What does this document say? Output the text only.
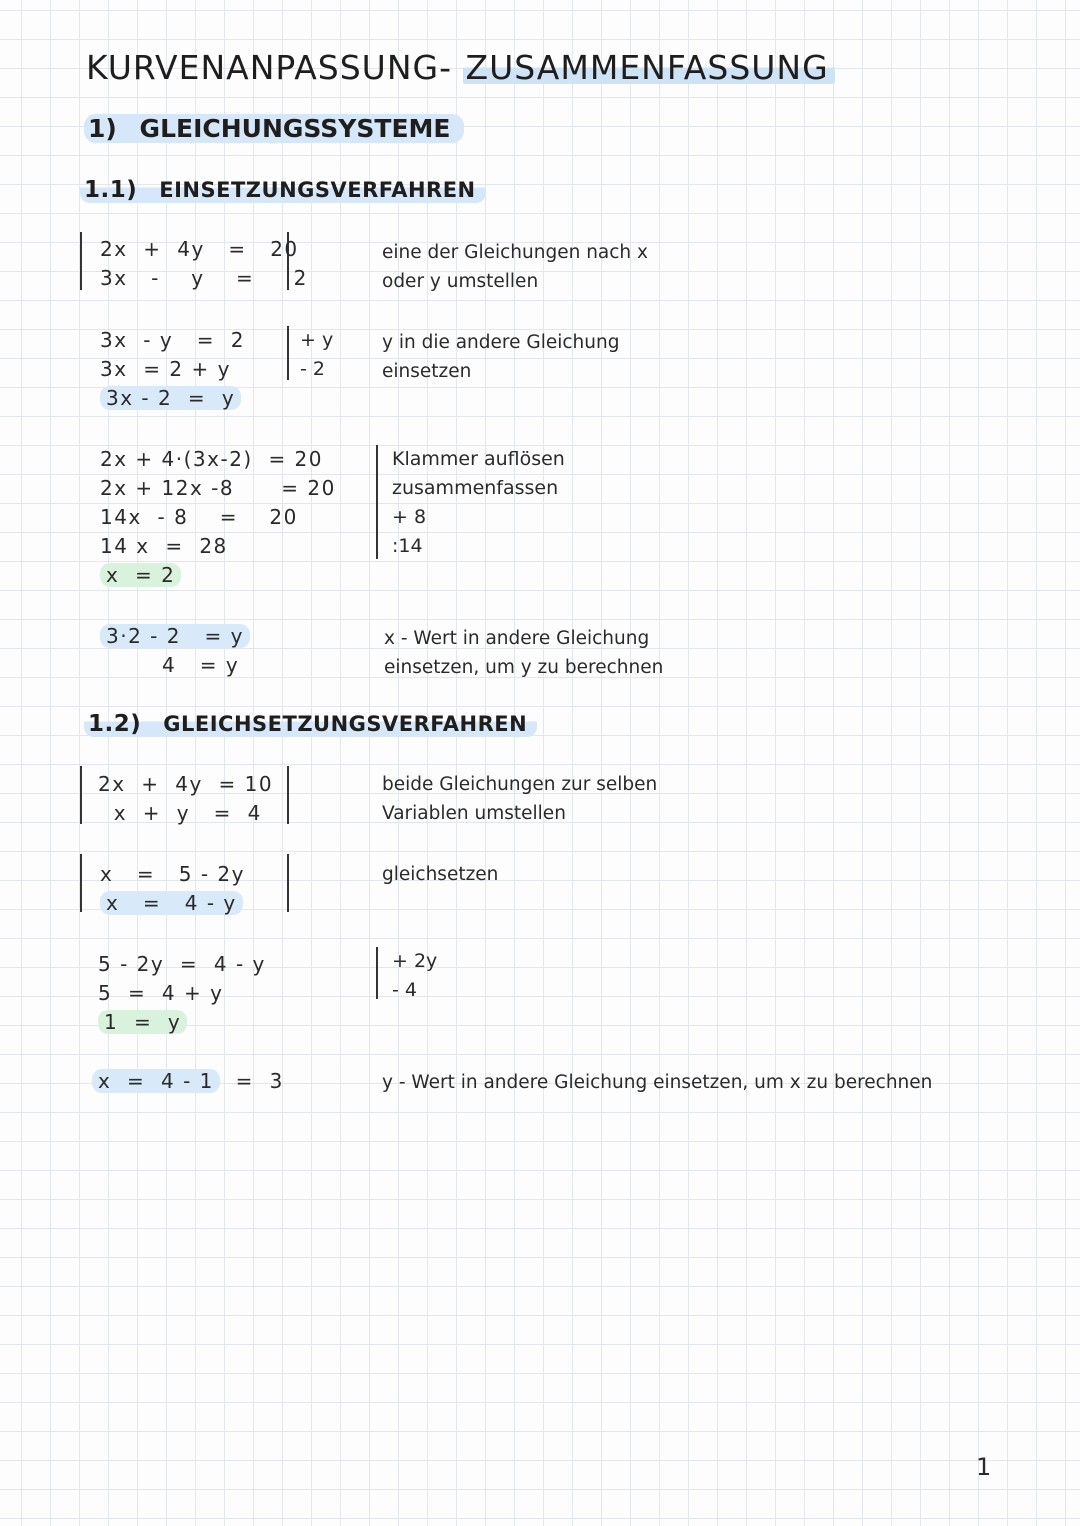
KURVENANPASSUNG- ZUSAMMENFASSUNG
1) GLEICHUNGSSYSTEME
1.1) EINSETZUNGSVERFAHREN
2x  +  4y   =   20
3x   -    y    =     2
eine der Gleichungen nach x
oder y umstellen
3x  - y   =  2
3x  = 2 + y
3x - 2  =  y
+ y
- 2
y in die andere Gleichung
einsetzen
2x + 4·(3x-2)  = 20
2x + 12x -8      = 20
14x  - 8    =    20
14 x  =  28
x  = 2
Klammer auflösen
zusammenfassen
+ 8
:14
3·2 - 2   = y
4   = y
x - Wert in andere Gleichung
einsetzen, um y zu berechnen
1.2) GLEICHSETZUNGSVERFAHREN
2x  +  4y  = 10
x  +  y   =  4
beide Gleichungen zur selben
Variablen umstellen
x   =   5 - 2y
x   =   4 - y
gleichsetzen
5 - 2y  =  4 - y
5  =  4 + y
1  =  y
+ 2y
- 4
x  =  4 - 1 =  3	y - Wert in andere Gleichung einsetzen, um x zu berechnen
1
